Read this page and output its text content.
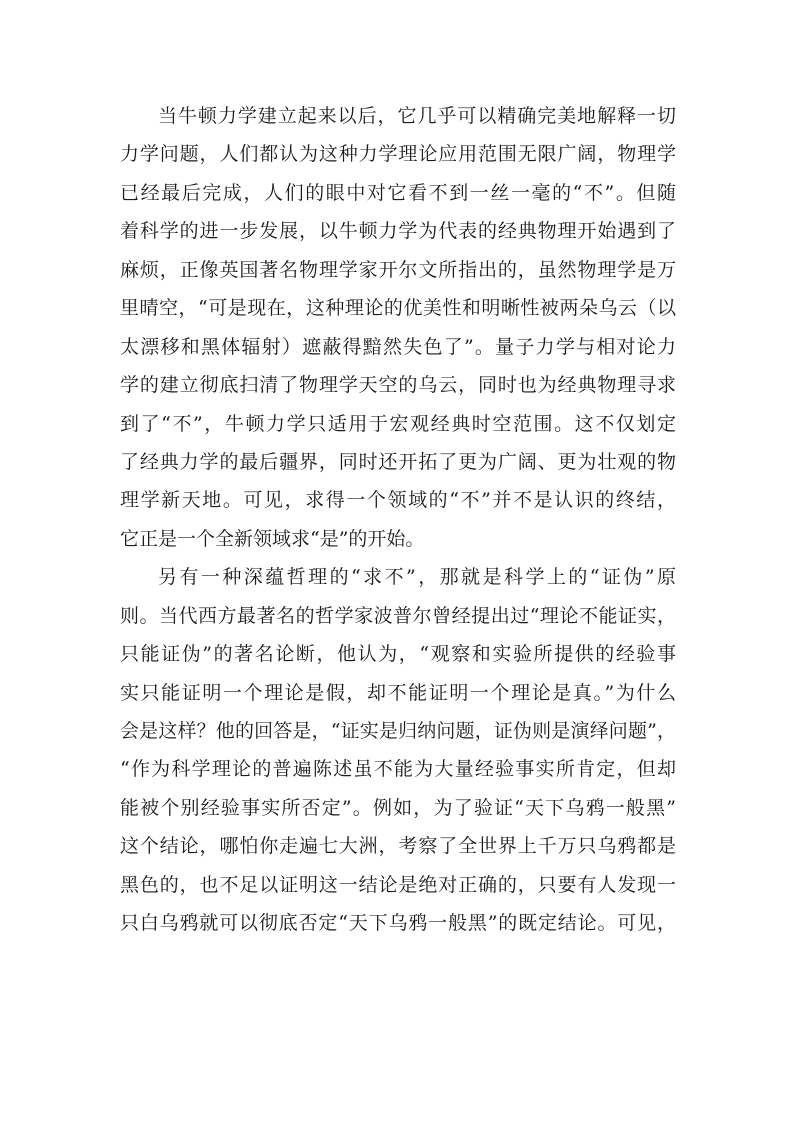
当牛顿力学建立起来以后，它几乎可以精确完美地解释一切
力学问题，人们都认为这种力学理论应用范围无限广阔，物理学
已经最后完成，人们的眼中对它看不到一丝一毫的“不”。但随
着科学的进一步发展，以牛顿力学为代表的经典物理开始遇到了
麻烦，正像英国著名物理学家开尔文所指出的，虽然物理学是万
里晴空，“可是现在，这种理论的优美性和明晰性被两朵乌云（以
太漂移和黑体辐射）遮蔽得黯然失色了”。量子力学与相对论力
学的建立彻底扫清了物理学天空的乌云，同时也为经典物理寻求
到了“不”，牛顿力学只适用于宏观经典时空范围。这不仅划定
了经典力学的最后疆界，同时还开拓了更为广阔、更为壮观的物
理学新天地。可见，求得一个领域的“不”并不是认识的终结，
它正是一个全新领域求“是”的开始。
另有一种深蕴哲理的“求不”，那就是科学上的“证伪”原
则。当代西方最著名的哲学家波普尔曾经提出过“理论不能证实，
只能证伪”的著名论断，他认为，“观察和实验所提供的经验事
实只能证明一个理论是假，却不能证明一个理论是真。”为什么
会是这样？他的回答是，“证实是归纳问题，证伪则是演绎问题”，
“作为科学理论的普遍陈述虽不能为大量经验事实所肯定，但却
能被个别经验事实所否定”。例如，为了验证“天下乌鸦一般黑”
这个结论，哪怕你走遍七大洲，考察了全世界上千万只乌鸦都是
黑色的，也不足以证明这一结论是绝对正确的，只要有人发现一
只白乌鸦就可以彻底否定“天下乌鸦一般黑”的既定结论。可见，
